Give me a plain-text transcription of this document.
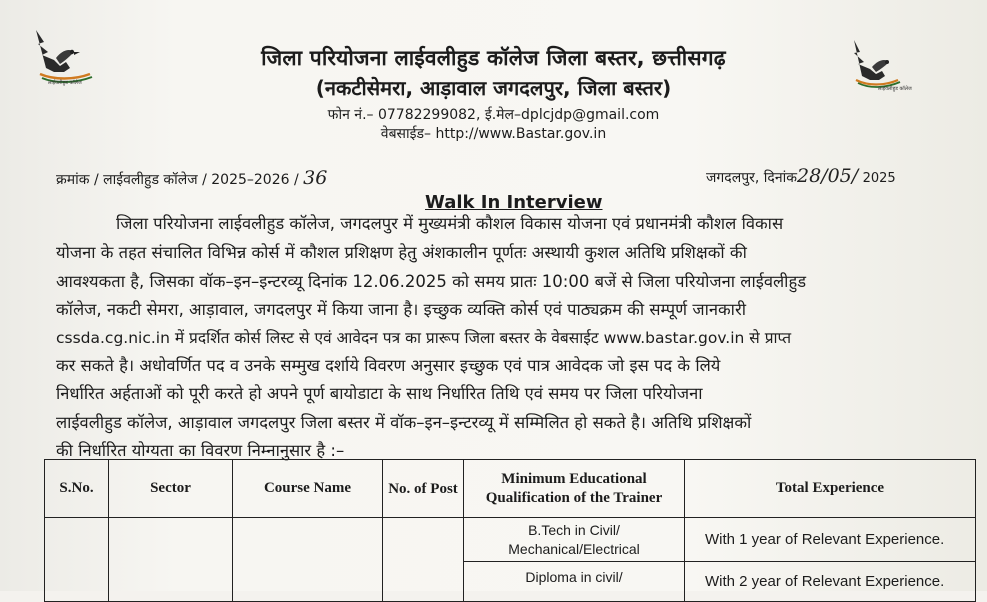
लाईवलीहुड कॉलेज
लाईवलीहुड कॉलेज
जिला परियोजना लाईवलीहुड कॉलेज जिला बस्तर, छत्तीसगढ़
(नकटीसेमरा, आड़ावाल जगदलपुर, जिला बस्तर)
फोन नं.– 07782299082, ई.मेल–dplcjdp@gmail.com
वेबसाईड– http://www.Bastar.gov.in
क्रमांक / लाईवलीहुड कॉलेज / 2025–2026 / 36	जगदलपुर, दिनांक28/05/ 2025
Walk In Interview
जिला परियोजना लाईवलीहुड कॉलेज, जगदलपुर में मुख्यमंत्री कौशल विकास योजना एवं प्रधानमंत्री कौशल विकास
योजना के तहत संचालित विभिन्न कोर्स में कौशल प्रशिक्षण हेतु अंशकालीन पूर्णतः अस्थायी कुशल अतिथि प्रशिक्षकों की
आवश्यकता है, जिसका वॉक–इन–इन्टरव्यू दिनांक 12.06.2025 को समय प्रातः 10:00 बजें से जिला परियोजना लाईवलीहुड
कॉलेज, नकटी सेमरा, आड़ावाल, जगदलपुर में किया जाना है। इच्छुक व्यक्ति कोर्स एवं पाठ्यक्रम की सम्पूर्ण जानकारी
cssda.cg.nic.in में प्रदर्शित कोर्स लिस्ट से एवं आवेदन पत्र का प्रारूप जिला बस्तर के वेबसाईट www.bastar.gov.in से प्राप्त
कर सकते है। अधोवर्णित पद व उनके सम्मुख दर्शाये विवरण अनुसार इच्छुक एवं पात्र आवेदक जो इस पद के लिये
निर्धारित अर्हताओं को पूरी करते हो अपने पूर्ण बायोडाटा के साथ निर्धारित तिथि एवं समय पर जिला परियोजना
लाईवलीहुड कॉलेज, आड़ावाल जगदलपुर जिला बस्तर में वॉक–इन–इन्टरव्यू में सम्मिलित हो सकते है। अतिथि प्रशिक्षकों
की निर्धारित योग्यता का विवरण निम्नानुसार है :–
S.No.	Sector	Course Name	No. of Post	Minimum Educational Qualification of the Trainer	Total Experience
				B.Tech in Civil/ Mechanical/Electrical	With 1 year of Relevant Experience.
				Diploma in civil/	With 2 year of Relevant Experience.
